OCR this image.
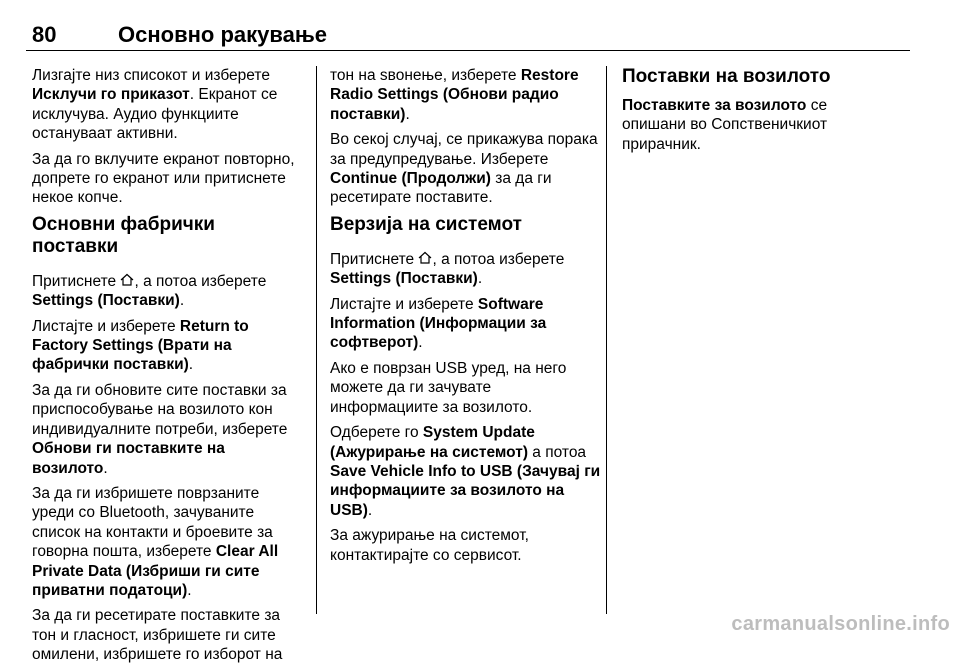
80	Основно ракување

Лизгајте низ списокот и изберете Исклучи го приказот. Екранот се исклучува. Аудио функциите остануваат активни.

За да го вклучите екранот повторно, допрете го екранот или притиснете некое копче.

Основни фабрички поставки

Притиснете , а потоа изберете Settings (Поставки).

Листајте и изберете Return to Factory Settings (Врати на фабрички поставки).

За да ги обновите сите поставки за приспособување на возилото кон индивидуалните потреби, изберете Обнови ги поставките на возилото.

За да ги избришете поврзаните уреди со Bluetooth, зачуваните список на контакти и броевите за говорна пошта, изберете Clear All Private Data (Избриши ги сите приватни податоци).

За да ги ресетирате поставките за тон и гласност, избришете ги сите омилени, избришете го изборот на

тон на ѕвонење, изберете Restore Radio Settings (Обнови радио поставки).

Во секој случај, се прикажува порака за предупредување. Изберете Continue (Продолжи) за да ги ресетирате поставите.

Верзија на системот

Притиснете , а потоа изберете Settings (Поставки).

Листајте и изберете Software Information (Информации за софтверот).

Ако е поврзан USB уред, на него можете да ги зачувате информациите за возилото.

Одберете го System Update (Ажурирање на системот) а потоа Save Vehicle Info to USB (Зачувај ги информациите за возилото на USB).

За ажурирање на системот, контактирајте со сервисот.

Поставки на возилото

Поставките за возилото се опишани во Сопственичкиот прирачник.

carmanualsonline.info
